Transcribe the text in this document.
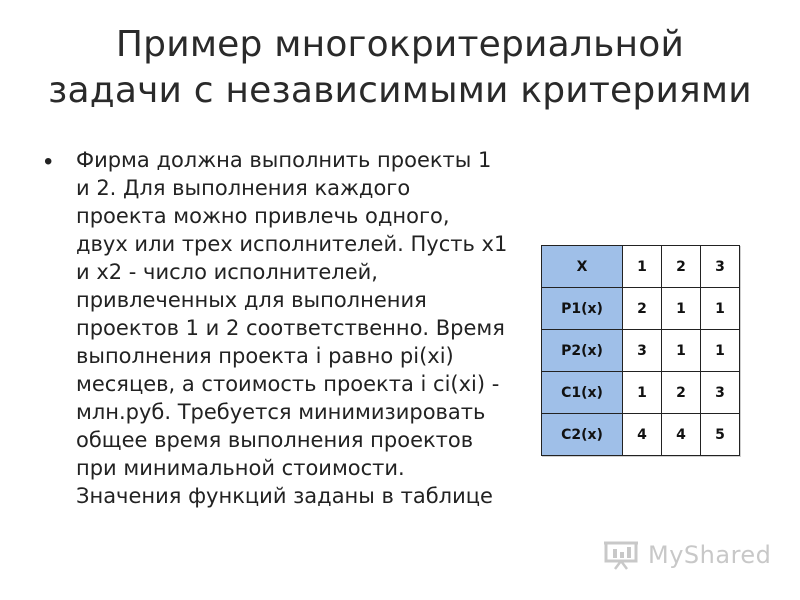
Пример многокритериальной
задачи с независимыми критериями
• Фирма должна выполнить проекты 1
и 2. Для выполнения каждого
проекта можно привлечь одного,
двух или трех исполнителей. Пусть x1
и x2 - число исполнителей,
привлеченных для выполнения
проектов 1 и 2 соответственно. Время
выполнения проекта i равно pi(xi)
месяцев, а стоимость проекта i ci(xi) -
млн.руб. Требуется минимизировать
общее время выполнения проектов
при минимальной стоимости.
Значения функций заданы в таблице
X	1	2	3
P1(x)	2	1	1
P2(x)	3	1	1
C1(x)	1	2	3
C2(x)	4	4	5
MyShared
